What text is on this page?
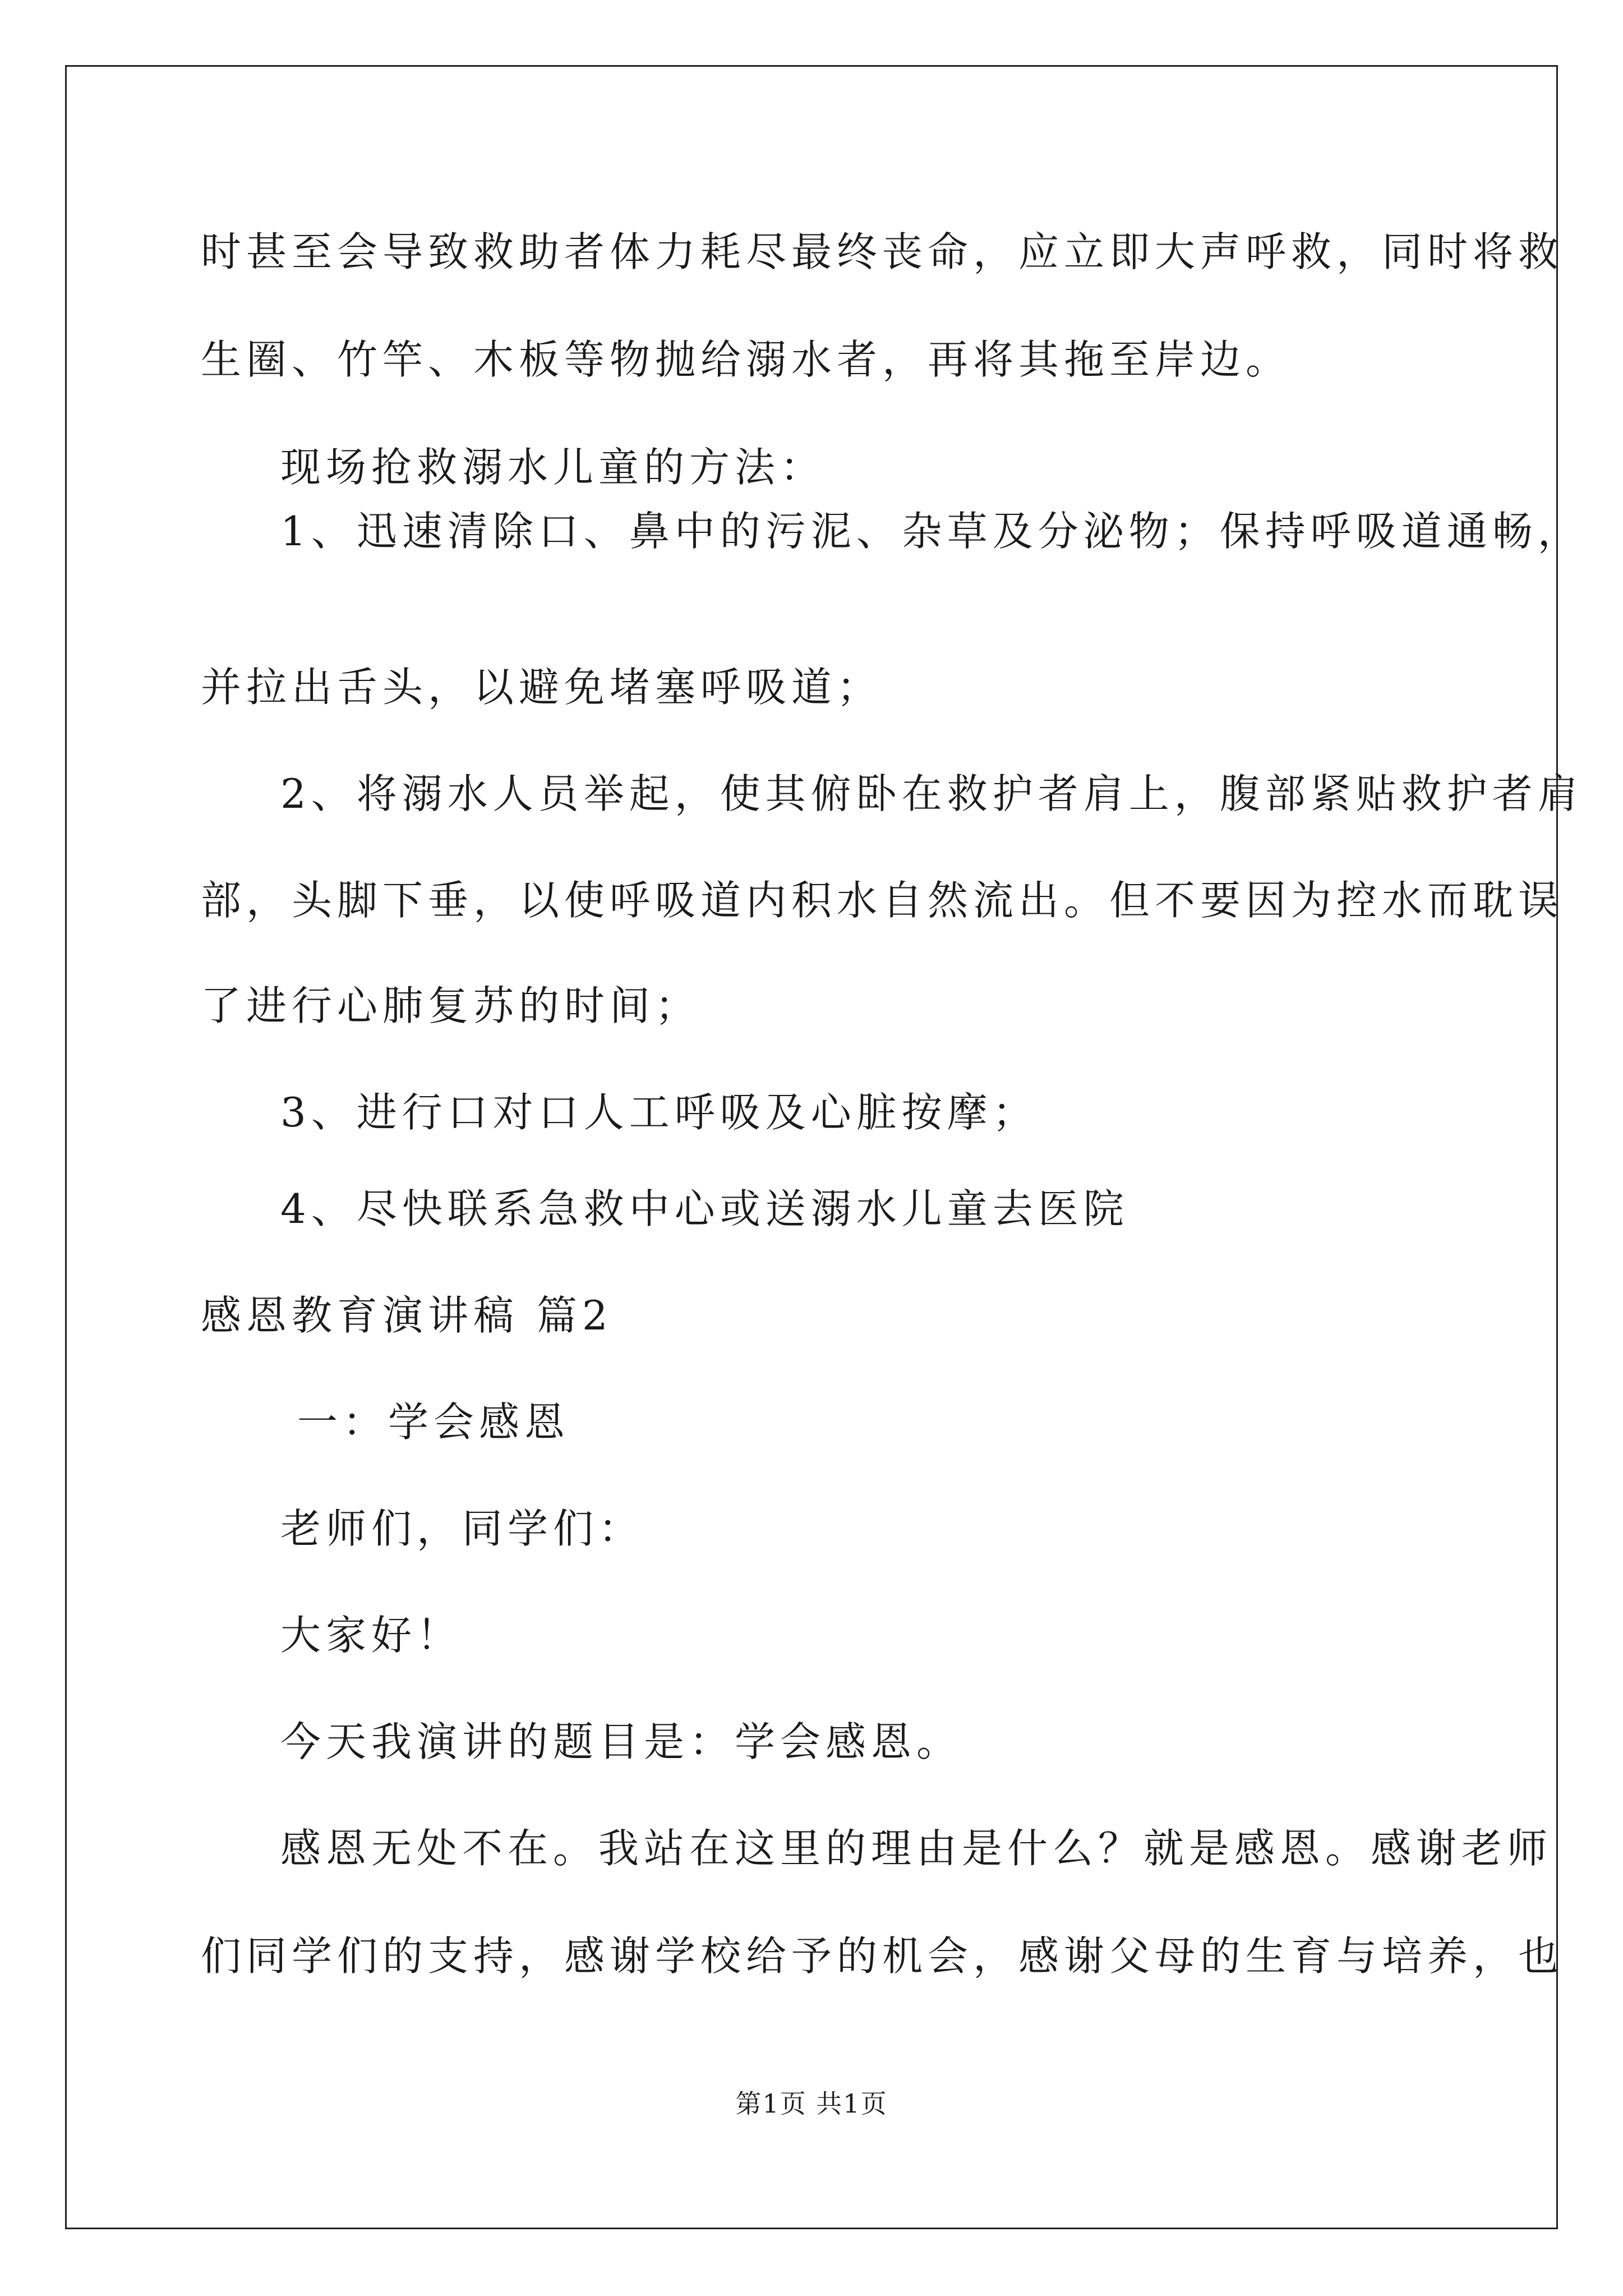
时甚至会导致救助者体力耗尽最终丧命，应立即大声呼救，同时将救
生圈、竹竿、木板等物抛给溺水者，再将其拖至岸边。
现场抢救溺水儿童的方法：
1、迅速清除口、鼻中的污泥、杂草及分泌物；保持呼吸道通畅，
并拉出舌头，以避免堵塞呼吸道；
2、将溺水人员举起，使其俯卧在救护者肩上，腹部紧贴救护者肩
部，头脚下垂，以使呼吸道内积水自然流出。但不要因为控水而耽误
了进行心肺复苏的时间；
3、进行口对口人工呼吸及心脏按摩；
4、尽快联系急救中心或送溺水儿童去医院
感恩教育演讲稿 篇2
一：学会感恩
老师们，同学们：
大家好！
今天我演讲的题目是：学会感恩。
感恩无处不在。我站在这里的理由是什么？就是感恩。感谢老师
们同学们的支持，感谢学校给予的机会，感谢父母的生育与培养，也
第1页 共1页
